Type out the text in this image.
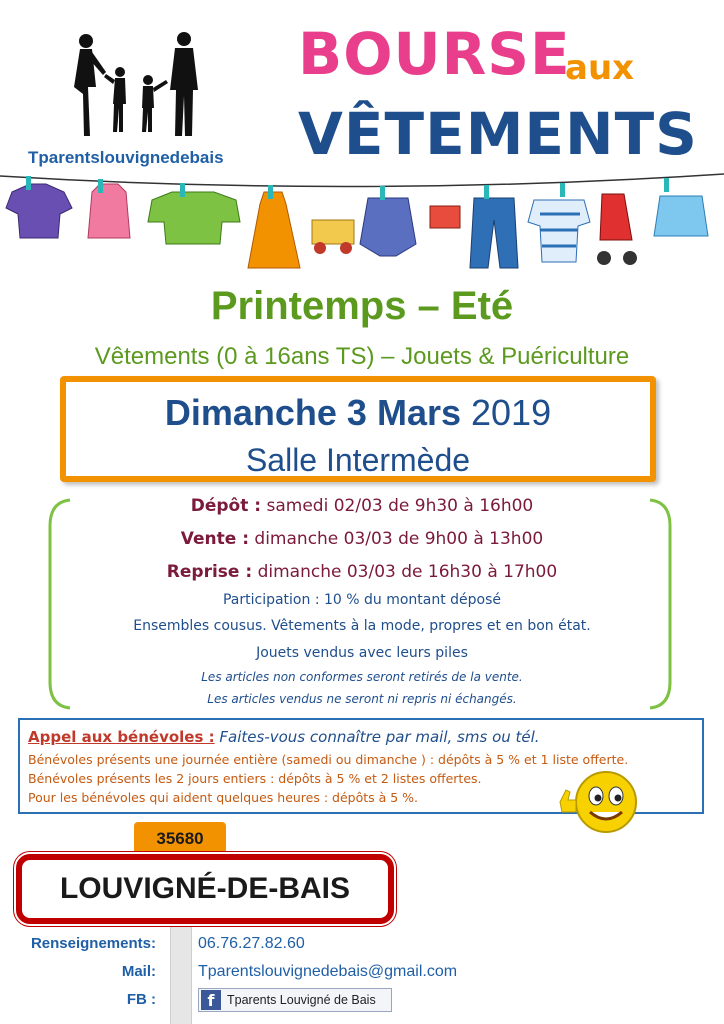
Tparentslouvignedebais
BOURSE
aux
VÊTEMENTS
Printemps – Eté
Vêtements (0 à 16ans TS) – Jouets & Puériculture
Dimanche 3 Mars 2019
Salle Intermède
Dépôt : samedi 02/03 de 9h30 à 16h00
Vente : dimanche 03/03 de 9h00 à 13h00
Reprise : dimanche 03/03 de 16h30 à 17h00
Participation : 10 % du montant déposé
Ensembles cousus. Vêtements à la mode, propres et en bon état.
Jouets vendus avec leurs piles
Les articles non conformes seront retirés de la vente.
Les articles vendus ne seront ni repris ni échangés.
Appel aux bénévoles : Faites-vous connaître par mail, sms ou tél.
Bénévoles présents une journée entière (samedi ou dimanche ) : dépôts à 5 % et 1 liste offerte.
Bénévoles présents les 2 jours entiers : dépôts à 5 % et 2 listes offertes.
Pour les bénévoles qui aident quelques heures : dépôts à 5 %.
35680
LOUVIGNÉ-DE-BAIS
Renseignements:	06.76.27.82.60
Mail:	Tparentslouvignedebais@gmail.com
FB :	f	Tparents Louvigné de Bais
